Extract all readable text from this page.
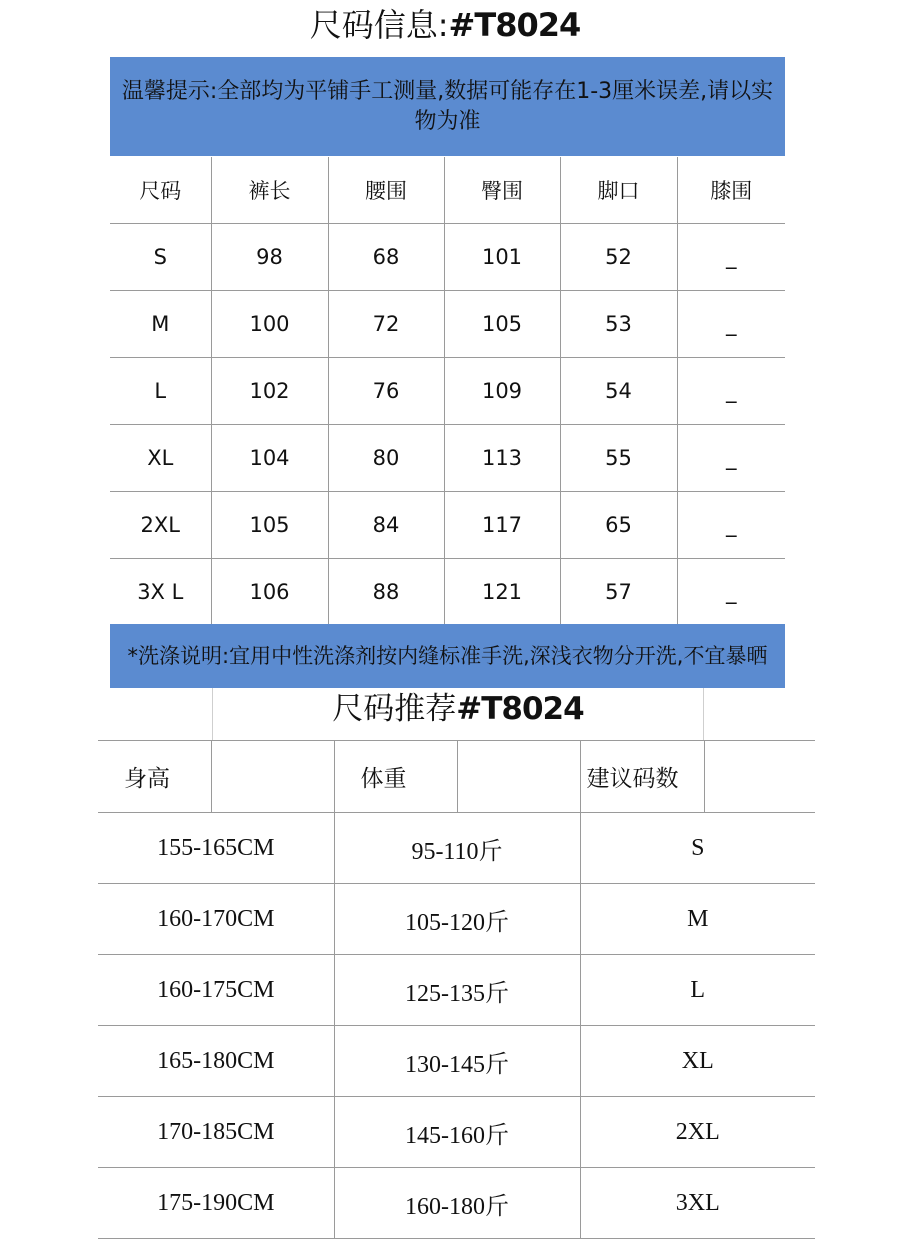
尺码信息:#T8024
温馨提示:全部均为平铺手工测量,数据可能存在1-3厘米误差,请以实物为准
尺码	裤长	腰围	臀围	脚口	膝围
S	98	68	101	52	_
M	100	72	105	53	_
L	102	76	109	54	_
XL	104	80	113	55	_
2XL	105	84	117	65	_
3X L	106	88	121	57	_
*洗涤说明:宜用中性洗涤剂按内缝标准手洗,深浅衣物分开洗,不宜暴晒
尺码推荐#T8024
身高		体重		建议码数	
155-165CM		95-110斤		S	
160-170CM		105-120斤		M	
160-175CM		125-135斤		L	
165-180CM		130-145斤		XL	
170-185CM		145-160斤		2XL	
175-190CM		160-180斤		3XL	
